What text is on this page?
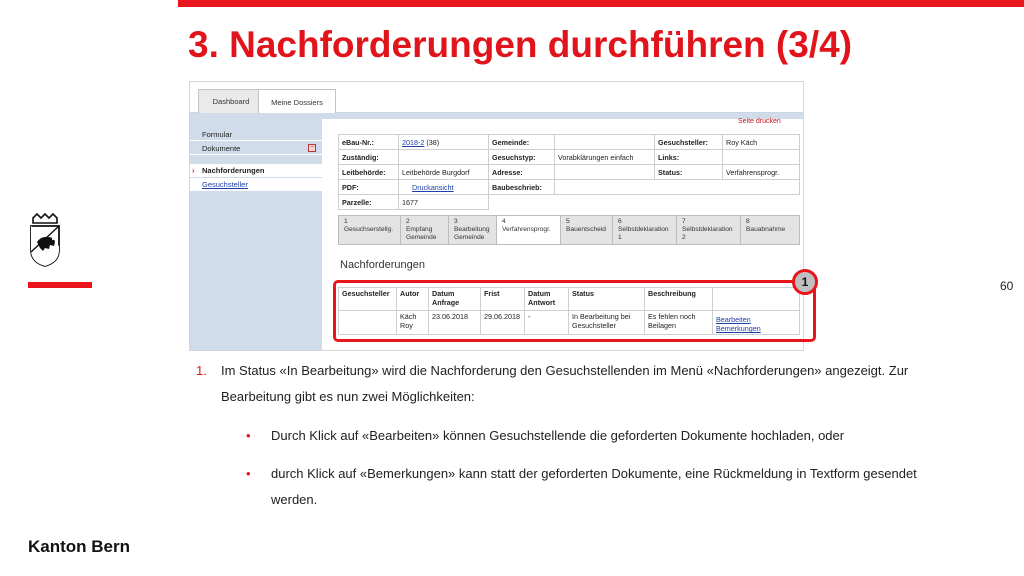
3. Nachforderungen durchführen (3/4)
60
Kanton Bern
Dashboard	Meine Dossiers
Formular
Dokumente	−
› Nachforderungen
Gesuchsteller
Seite drucken
eBau-Nr.:	2018-2 (38)	Gemeinde:		Gesuchsteller:	Roy Käch
Zuständig:		Gesuchstyp:	Vorabklärungen einfach	Links:	
Leitbehörde:	Leitbehörde Burgdorf	Adresse:		Status:	Verfahrensprogr.
PDF:	Druckansicht	Baubeschrieb:			
Parzelle:	1677				
1
Gesuchserstellg.
2
Empfang Gemeinde
3
Bearbeitung Gemeinde
4
Verfahrensprogr.
5
Bauentscheid
6
Selbstdeklaration 1
7
Selbstdeklaration 2
8
Bauabnahme
Nachforderungen
Gesuchsteller	Autor	Datum Anfrage	Frist	Datum Antwort	Status	Beschreibung	
	Käch Roy	23.06.2018	29.06.2018	-	In Bearbeitung bei Gesuchsteller	Es fehlen noch Beilagen	Bearbeiten
Bemerkungen
1
1. Im Status «In Bearbeitung» wird die Nachforderung den Gesuchstellenden im Menü «Nachforderungen» angezeigt. Zur
Bearbeitung gibt es nun zwei Möglichkeiten:
• Durch Klick auf «Bearbeiten» können Gesuchstellende die geforderten Dokumente hochladen, oder
• durch Klick auf «Bemerkungen» kann statt der geforderten Dokumente, eine Rückmeldung in Textform gesendet
werden.
